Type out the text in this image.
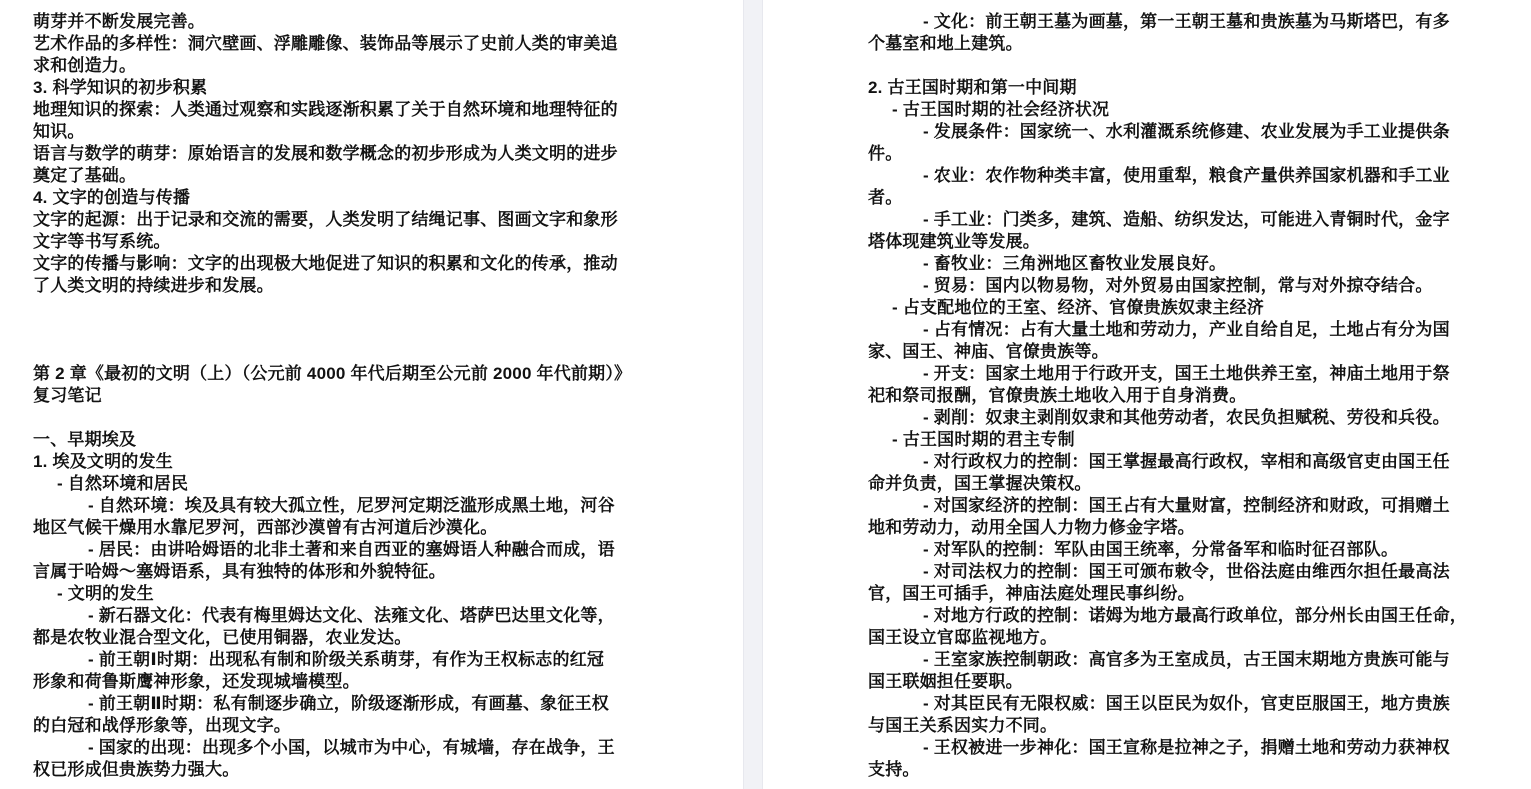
萌芽并不断发展完善。
艺术作品的多样性：洞穴壁画、浮雕雕像、装饰品等展示了史前人类的审美追
求和创造力。
3. 科学知识的初步积累
地理知识的探索：人类通过观察和实践逐渐积累了关于自然环境和地理特征的
知识。
语言与数学的萌芽：原始语言的发展和数学概念的初步形成为人类文明的进步
奠定了基础。
4. 文字的创造与传播
文字的起源：出于记录和交流的需要，人类发明了结绳记事、图画文字和象形
文字等书写系统。
文字的传播与影响：文字的出现极大地促进了知识的积累和文化的传承，推动
了人类文明的持续进步和发展。
第 2 章《最初的文明（上）（公元前 4000 年代后期至公元前 2000 年代前期）》
复习笔记
一、早期埃及
1. 埃及文明的发生
- 自然环境和居民
- 自然环境：埃及具有较大孤立性，尼罗河定期泛滥形成黑土地，河谷
地区气候干燥用水靠尼罗河，西部沙漠曾有古河道后沙漠化。
- 居民：由讲哈姆语的北非土著和来自西亚的塞姆语人种融合而成，语
言属于哈姆～塞姆语系，具有独特的体形和外貌特征。
- 文明的发生
- 新石器文化：代表有梅里姆达文化、法雍文化、塔萨巴达里文化等，
都是农牧业混合型文化，已使用铜器，农业发达。
- 前王朝Ⅰ时期：出现私有制和阶级关系萌芽，有作为王权标志的红冠
形象和荷鲁斯鹰神形象，还发现城墙模型。
- 前王朝Ⅱ时期：私有制逐步确立，阶级逐渐形成，有画墓、象征王权
的白冠和战俘形象等，出现文字。
- 国家的出现：出现多个小国，以城市为中心，有城墙，存在战争，王
权已形成但贵族势力强大。
- 文化：前王朝王墓为画墓，第一王朝王墓和贵族墓为马斯塔巴，有多
个墓室和地上建筑。
2. 古王国时期和第一中间期
- 古王国时期的社会经济状况
- 发展条件：国家统一、水利灌溉系统修建、农业发展为手工业提供条
件。
- 农业：农作物种类丰富，使用重犁，粮食产量供养国家机器和手工业
者。
- 手工业：门类多，建筑、造船、纺织发达，可能进入青铜时代，金字
塔体现建筑业等发展。
- 畜牧业：三角洲地区畜牧业发展良好。
- 贸易：国内以物易物，对外贸易由国家控制，常与对外掠夺结合。
- 占支配地位的王室、经济、官僚贵族奴隶主经济
- 占有情况：占有大量土地和劳动力，产业自给自足，土地占有分为国
家、国王、神庙、官僚贵族等。
- 开支：国家土地用于行政开支，国王土地供养王室，神庙土地用于祭
祀和祭司报酬，官僚贵族土地收入用于自身消费。
- 剥削：奴隶主剥削奴隶和其他劳动者，农民负担赋税、劳役和兵役。
- 古王国时期的君主专制
- 对行政权力的控制：国王掌握最高行政权，宰相和高级官吏由国王任
命并负责，国王掌握决策权。
- 对国家经济的控制：国王占有大量财富，控制经济和财政，可捐赠土
地和劳动力，动用全国人力物力修金字塔。
- 对军队的控制：军队由国王统率，分常备军和临时征召部队。
- 对司法权力的控制：国王可颁布敕令，世俗法庭由维西尔担任最高法
官，国王可插手，神庙法庭处理民事纠纷。
- 对地方行政的控制：诺姆为地方最高行政单位，部分州长由国王任命，
国王设立官邸监视地方。
- 王室家族控制朝政：高官多为王室成员，古王国末期地方贵族可能与
国王联姻担任要职。
- 对其臣民有无限权威：国王以臣民为奴仆，官吏臣服国王，地方贵族
与国王关系因实力不同。
- 王权被进一步神化：国王宣称是拉神之子，捐赠土地和劳动力获神权
支持。
